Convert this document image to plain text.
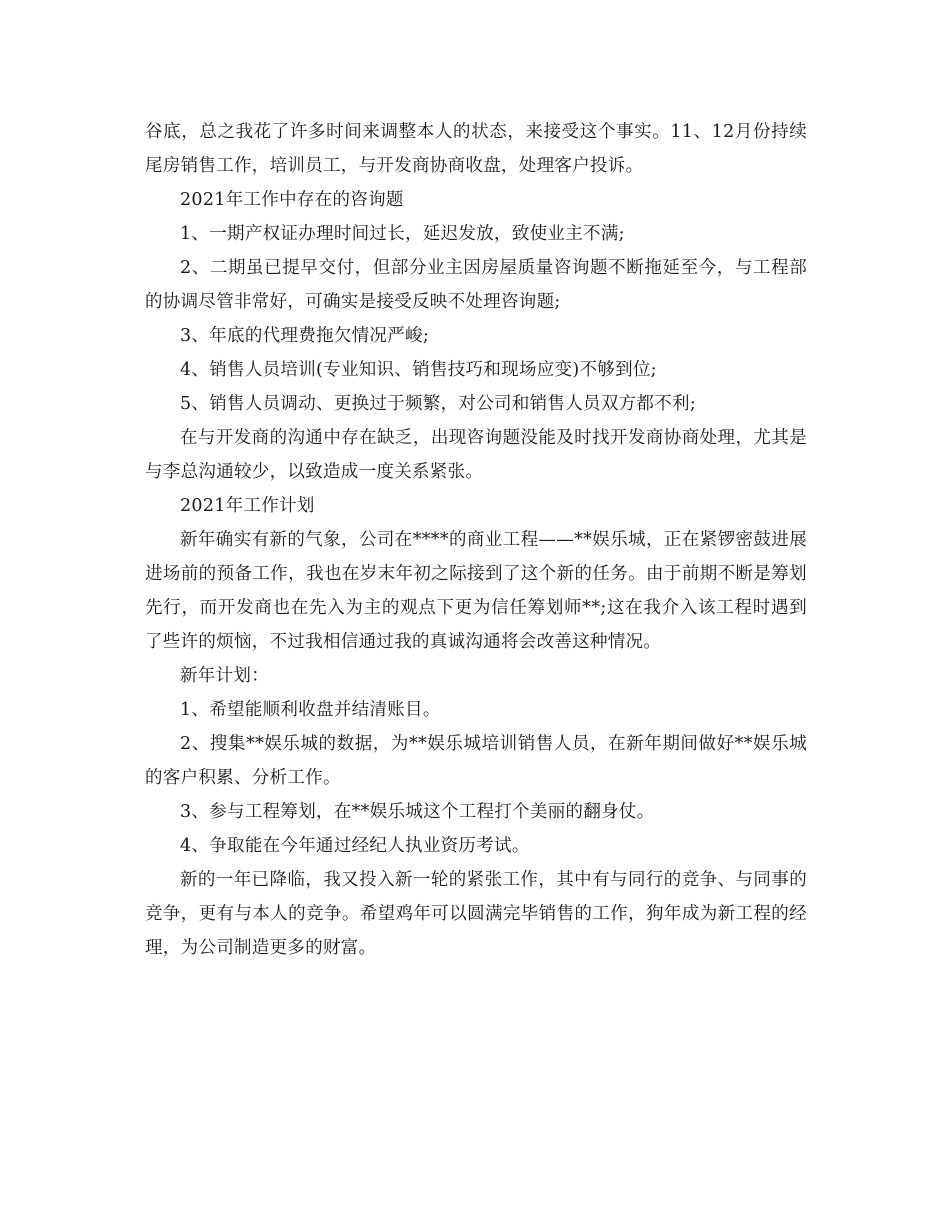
谷底，总之我花了许多时间来调整本人的状态，来接受这个事实。11、12月份持续尾房销售工作，培训员工，与开发商协商收盘，处理客户投诉。

2021年工作中存在的咨询题

1、一期产权证办理时间过长，延迟发放，致使业主不满;

2、二期虽已提早交付，但部分业主因房屋质量咨询题不断拖延至今，与工程部的协调尽管非常好，可确实是接受反映不处理咨询题;

3、年底的代理费拖欠情况严峻;

4、销售人员培训(专业知识、销售技巧和现场应变)不够到位;

5、销售人员调动、更换过于频繁，对公司和销售人员双方都不利;

在与开发商的沟通中存在缺乏，出现咨询题没能及时找开发商协商处理，尤其是与李总沟通较少，以致造成一度关系紧张。

2021年工作计划

新年确实有新的气象，公司在****的商业工程——**娱乐城，正在紧锣密鼓进展进场前的预备工作，我也在岁末年初之际接到了这个新的任务。由于前期不断是筹划先行，而开发商也在先入为主的观点下更为信任筹划师**;这在我介入该工程时遇到了些许的烦恼，不过我相信通过我的真诚沟通将会改善这种情况。

新年计划：

1、希望能顺利收盘并结清账目。

2、搜集**娱乐城的数据，为**娱乐城培训销售人员，在新年期间做好**娱乐城的客户积累、分析工作。

3、参与工程筹划，在**娱乐城这个工程打个美丽的翻身仗。

4、争取能在今年通过经纪人执业资历考试。

新的一年已降临，我又投入新一轮的紧张工作，其中有与同行的竞争、与同事的竞争，更有与本人的竞争。希望鸡年可以圆满完毕销售的工作，狗年成为新工程的经理，为公司制造更多的财富。
